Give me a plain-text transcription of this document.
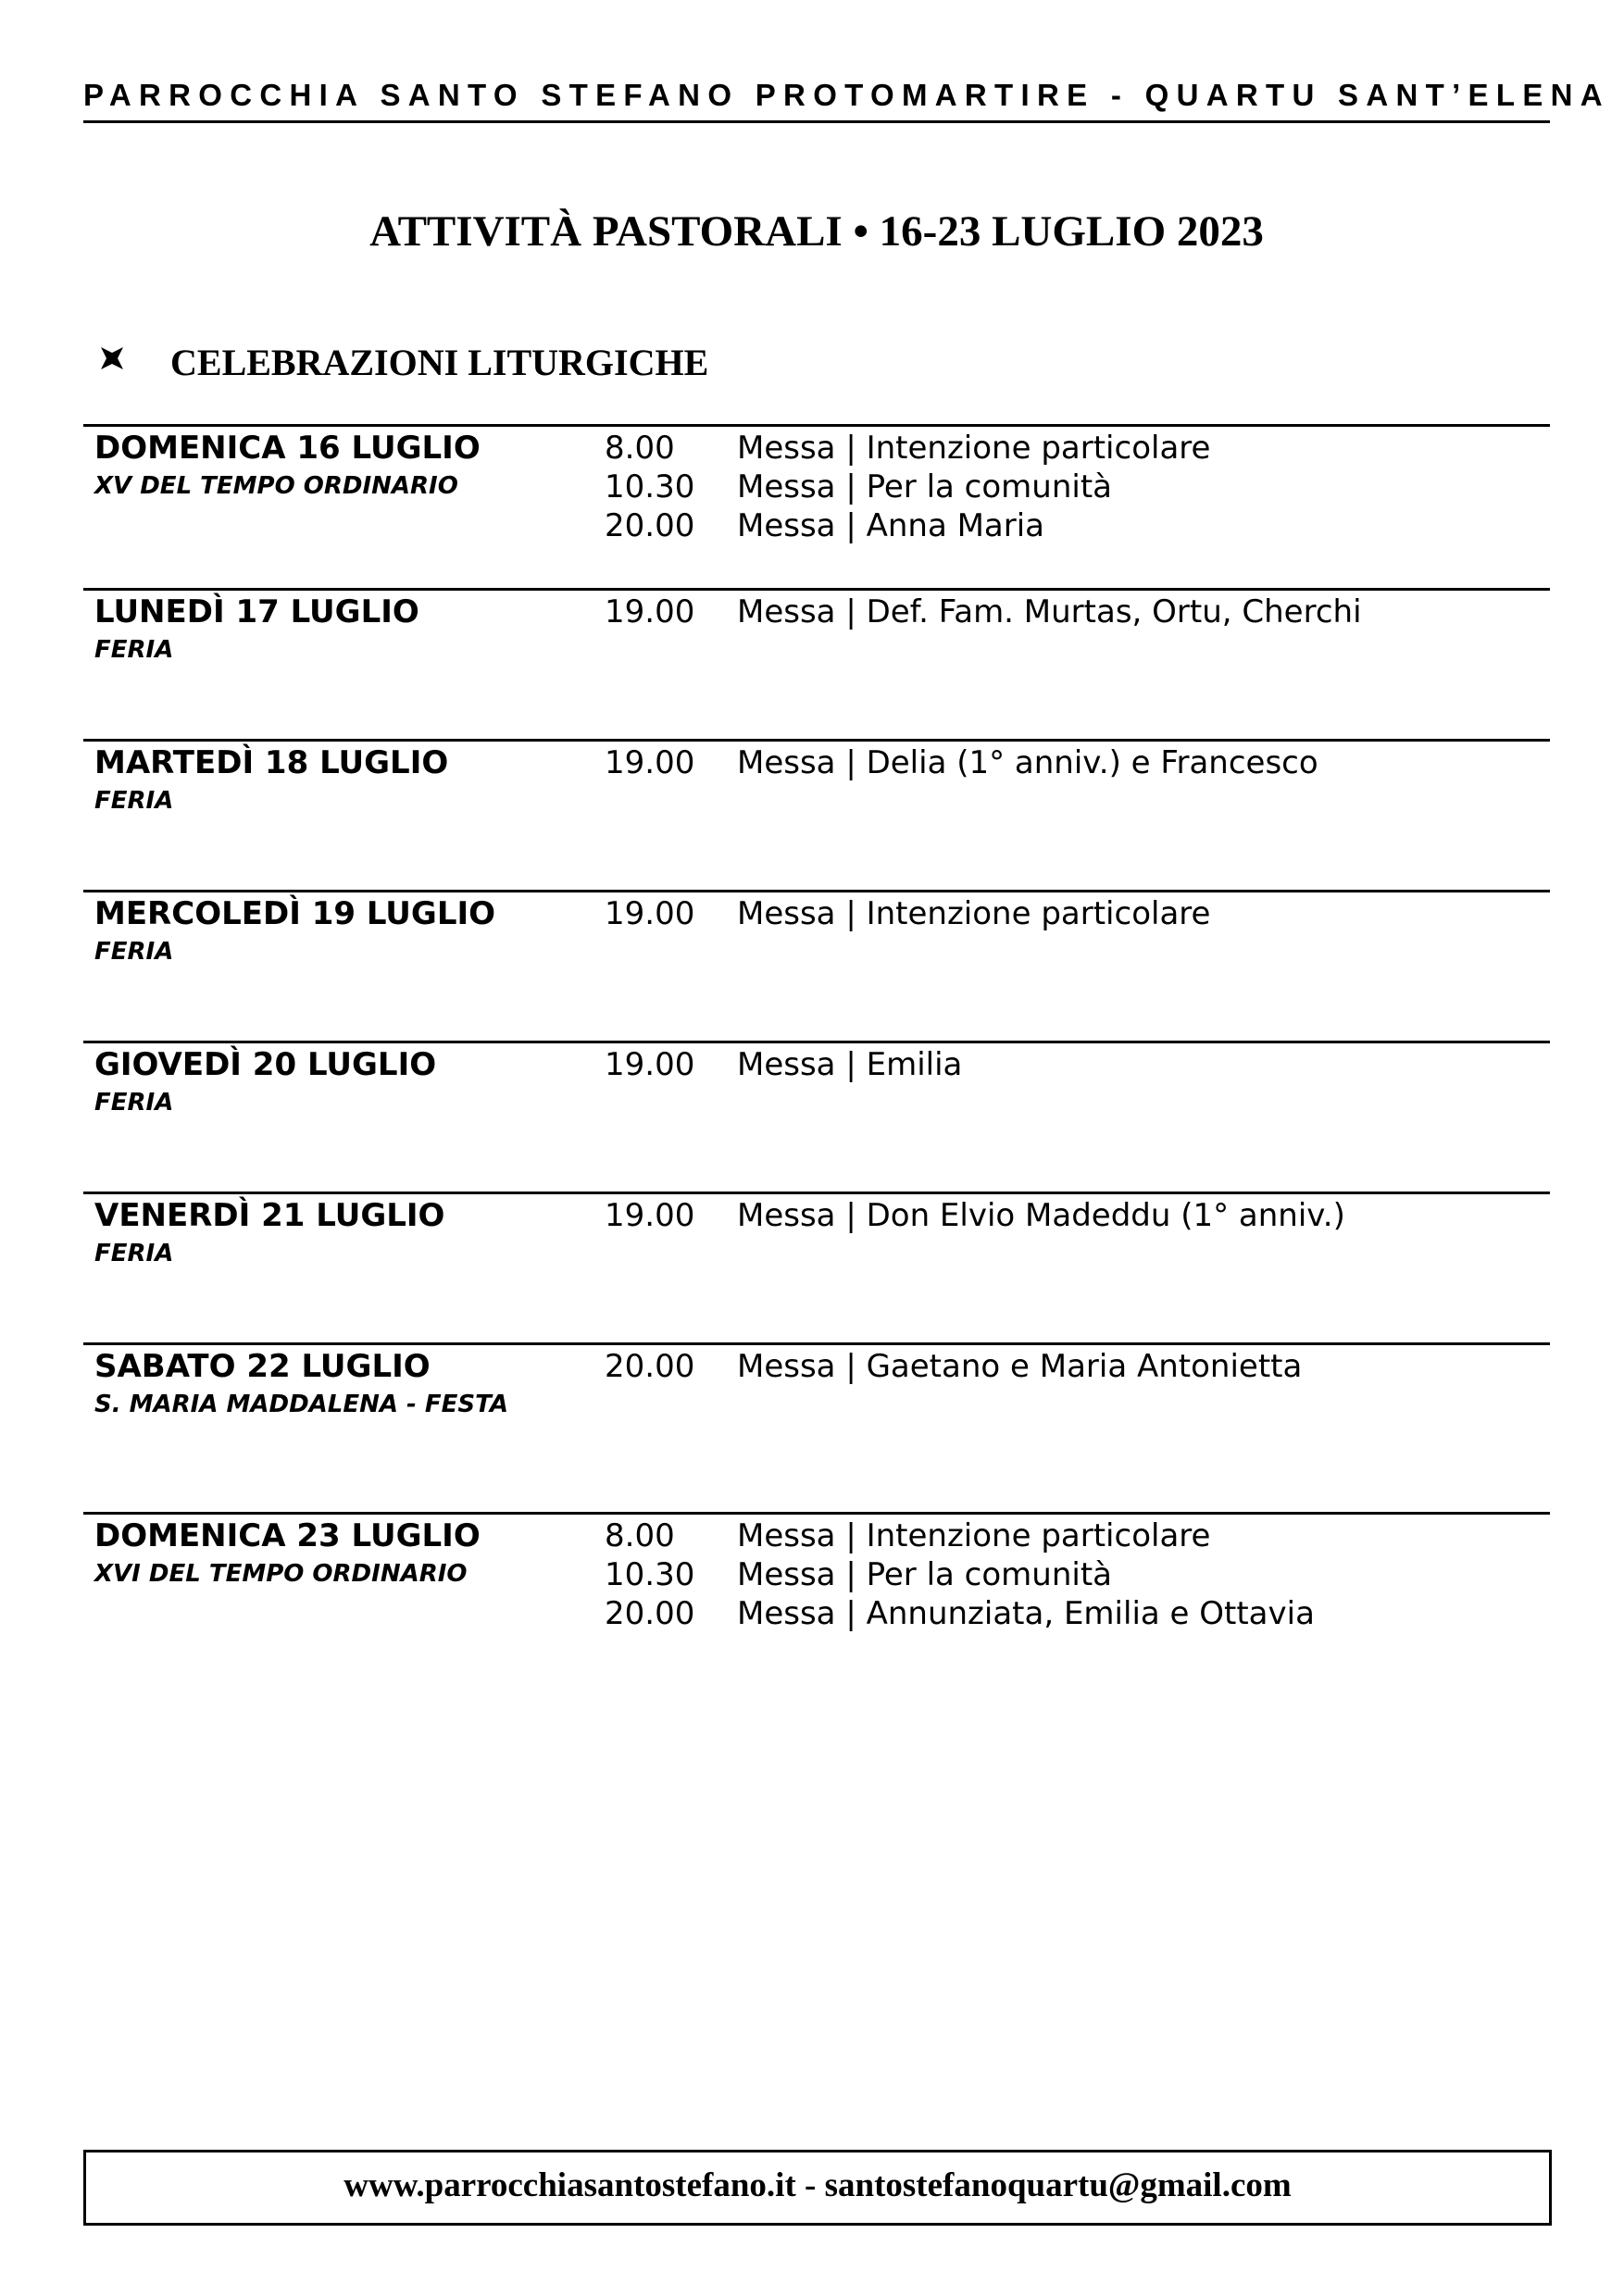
PARROCCHIA SANTO STEFANO PROTOMARTIRE - QUARTU SANT’ELENA
ATTIVITÀ PASTORALI • 16-23 LUGLIO 2023
CELEBRAZIONI LITURGICHE
DOMENICA 16 LUGLIO
XV DEL TEMPO ORDINARIO
8.00 Messa | Intenzione particolare
10.30 Messa | Per la comunità
20.00 Messa | Anna Maria
LUNEDÌ 17 LUGLIO
FERIA
19.00 Messa | Def. Fam. Murtas, Ortu, Cherchi
MARTEDÌ 18 LUGLIO
FERIA
19.00 Messa | Delia (1° anniv.) e Francesco
MERCOLEDÌ 19 LUGLIO
FERIA
19.00 Messa | Intenzione particolare
GIOVEDÌ 20 LUGLIO
FERIA
19.00 Messa | Emilia
VENERDÌ 21 LUGLIO
FERIA
19.00 Messa | Don Elvio Madeddu (1° anniv.)
SABATO 22 LUGLIO
S. MARIA MADDALENA - FESTA
20.00 Messa | Gaetano e Maria Antonietta
DOMENICA 23 LUGLIO
XVI DEL TEMPO ORDINARIO
8.00 Messa | Intenzione particolare
10.30 Messa | Per la comunità
20.00 Messa | Annunziata, Emilia e Ottavia
www.parrocchiasantostefano.it - santostefanoquartu@gmail.com
